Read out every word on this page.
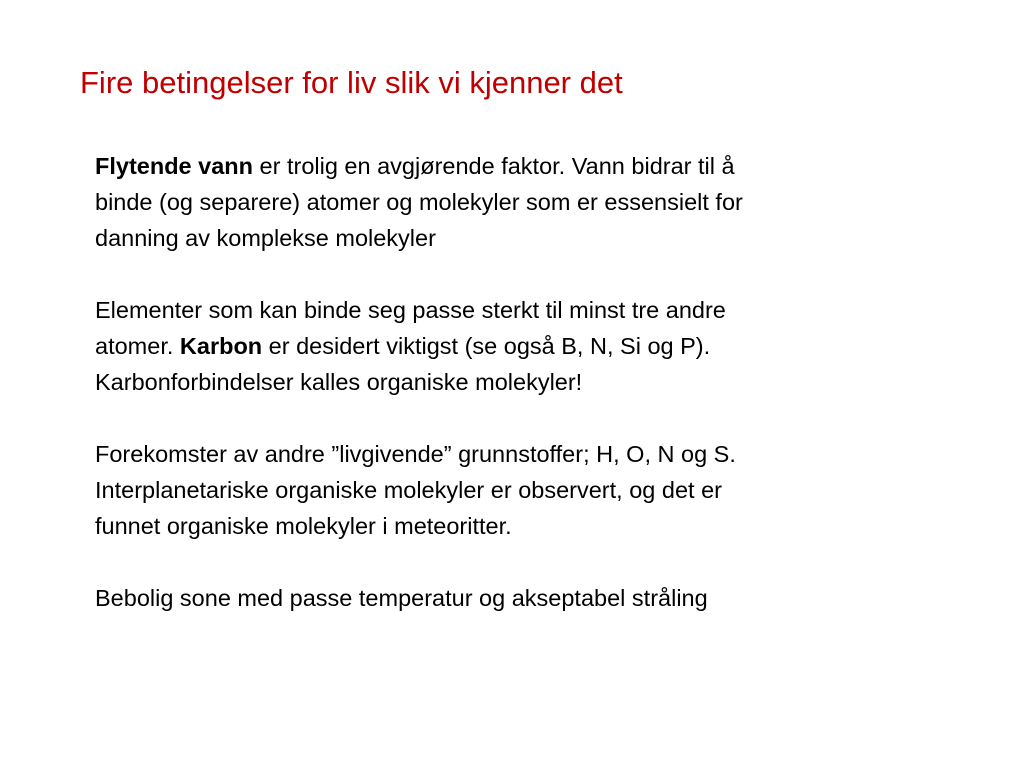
Fire betingelser for liv slik vi kjenner det

Flytende vann er trolig en avgjørende faktor. Vann bidrar til å
binde (og separere) atomer og molekyler som er essensielt for
danning av komplekse molekyler

Elementer som kan binde seg passe sterkt til minst tre andre
atomer. Karbon er desidert viktigst (se også B, N, Si og P).
Karbonforbindelser kalles organiske molekyler!

Forekomster av andre ”livgivende” grunnstoffer; H, O, N og S.
Interplanetariske organiske molekyler er observert, og det er
funnet organiske molekyler i meteoritter.

Bebolig sone med passe temperatur og akseptabel stråling
